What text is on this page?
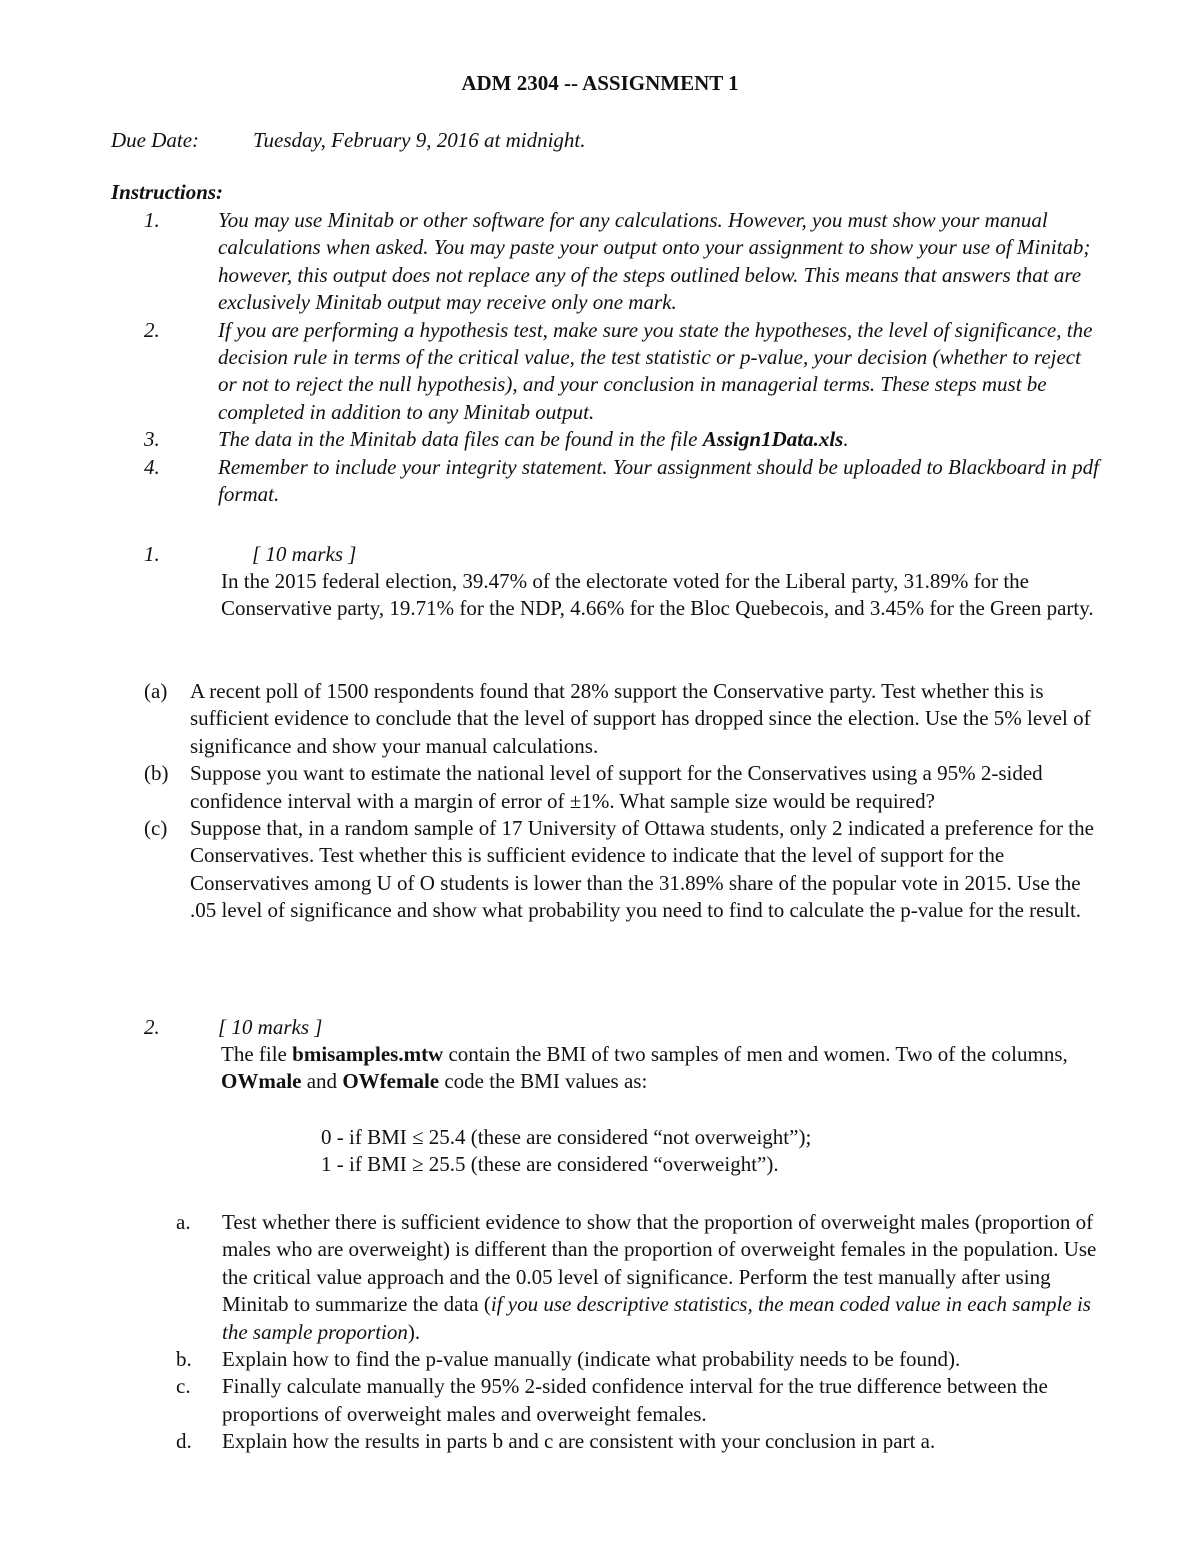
ADM 2304 -- ASSIGNMENT 1
Due Date:	Tuesday, February 9, 2016 at midnight.
Instructions:
1.	You may use Minitab or other software for any calculations. However, you must show your manual calculations when asked. You may paste your output onto your assignment to show your use of Minitab; however, this output does not replace any of the steps outlined below. This means that answers that are exclusively Minitab output may receive only one mark.
2.	If you are performing a hypothesis test, make sure you state the hypotheses, the level of significance, the decision rule in terms of the critical value, the test statistic or p-value, your decision (whether to reject or not to reject the null hypothesis), and your conclusion in managerial terms. These steps must be completed in addition to any Minitab output.
3.	The data in the Minitab data files can be found in the file Assign1Data.xls.
4.	Remember to include your integrity statement. Your assignment should be uploaded to Blackboard in pdf format.
1.	[ 10 marks ]
In the 2015 federal election, 39.47% of the electorate voted for the Liberal party, 31.89% for the Conservative party, 19.71% for the NDP, 4.66% for the Bloc Quebecois, and 3.45% for the Green party.
(a)	A recent poll of 1500 respondents found that 28% support the Conservative party. Test whether this is sufficient evidence to conclude that the level of support has dropped since the election. Use the 5% level of significance and show your manual calculations.
(b)	Suppose you want to estimate the national level of support for the Conservatives using a 95% 2-sided confidence interval with a margin of error of ±1%. What sample size would be required?
(c)	Suppose that, in a random sample of 17 University of Ottawa students, only 2 indicated a preference for the Conservatives. Test whether this is sufficient evidence to indicate that the level of support for the Conservatives among U of O students is lower than the 31.89% share of the popular vote in 2015. Use the .05 level of significance and show what probability you need to find to calculate the p-value for the result.
2.	[ 10 marks ]
The file bmisamples.mtw contain the BMI of two samples of men and women. Two of the columns, OWmale and OWfemale code the BMI values as:
0 - if BMI ≤ 25.4 (these are considered “not overweight”);
1 - if BMI ≥ 25.5 (these are considered “overweight”).
a.	Test whether there is sufficient evidence to show that the proportion of overweight males (proportion of males who are overweight) is different than the proportion of overweight females in the population. Use the critical value approach and the 0.05 level of significance. Perform the test manually after using Minitab to summarize the data (if you use descriptive statistics, the mean coded value in each sample is the sample proportion).
b.	Explain how to find the p-value manually (indicate what probability needs to be found).
c.	Finally calculate manually the 95% 2-sided confidence interval for the true difference between the proportions of overweight males and overweight females.
d.	Explain how the results in parts b and c are consistent with your conclusion in part a.
